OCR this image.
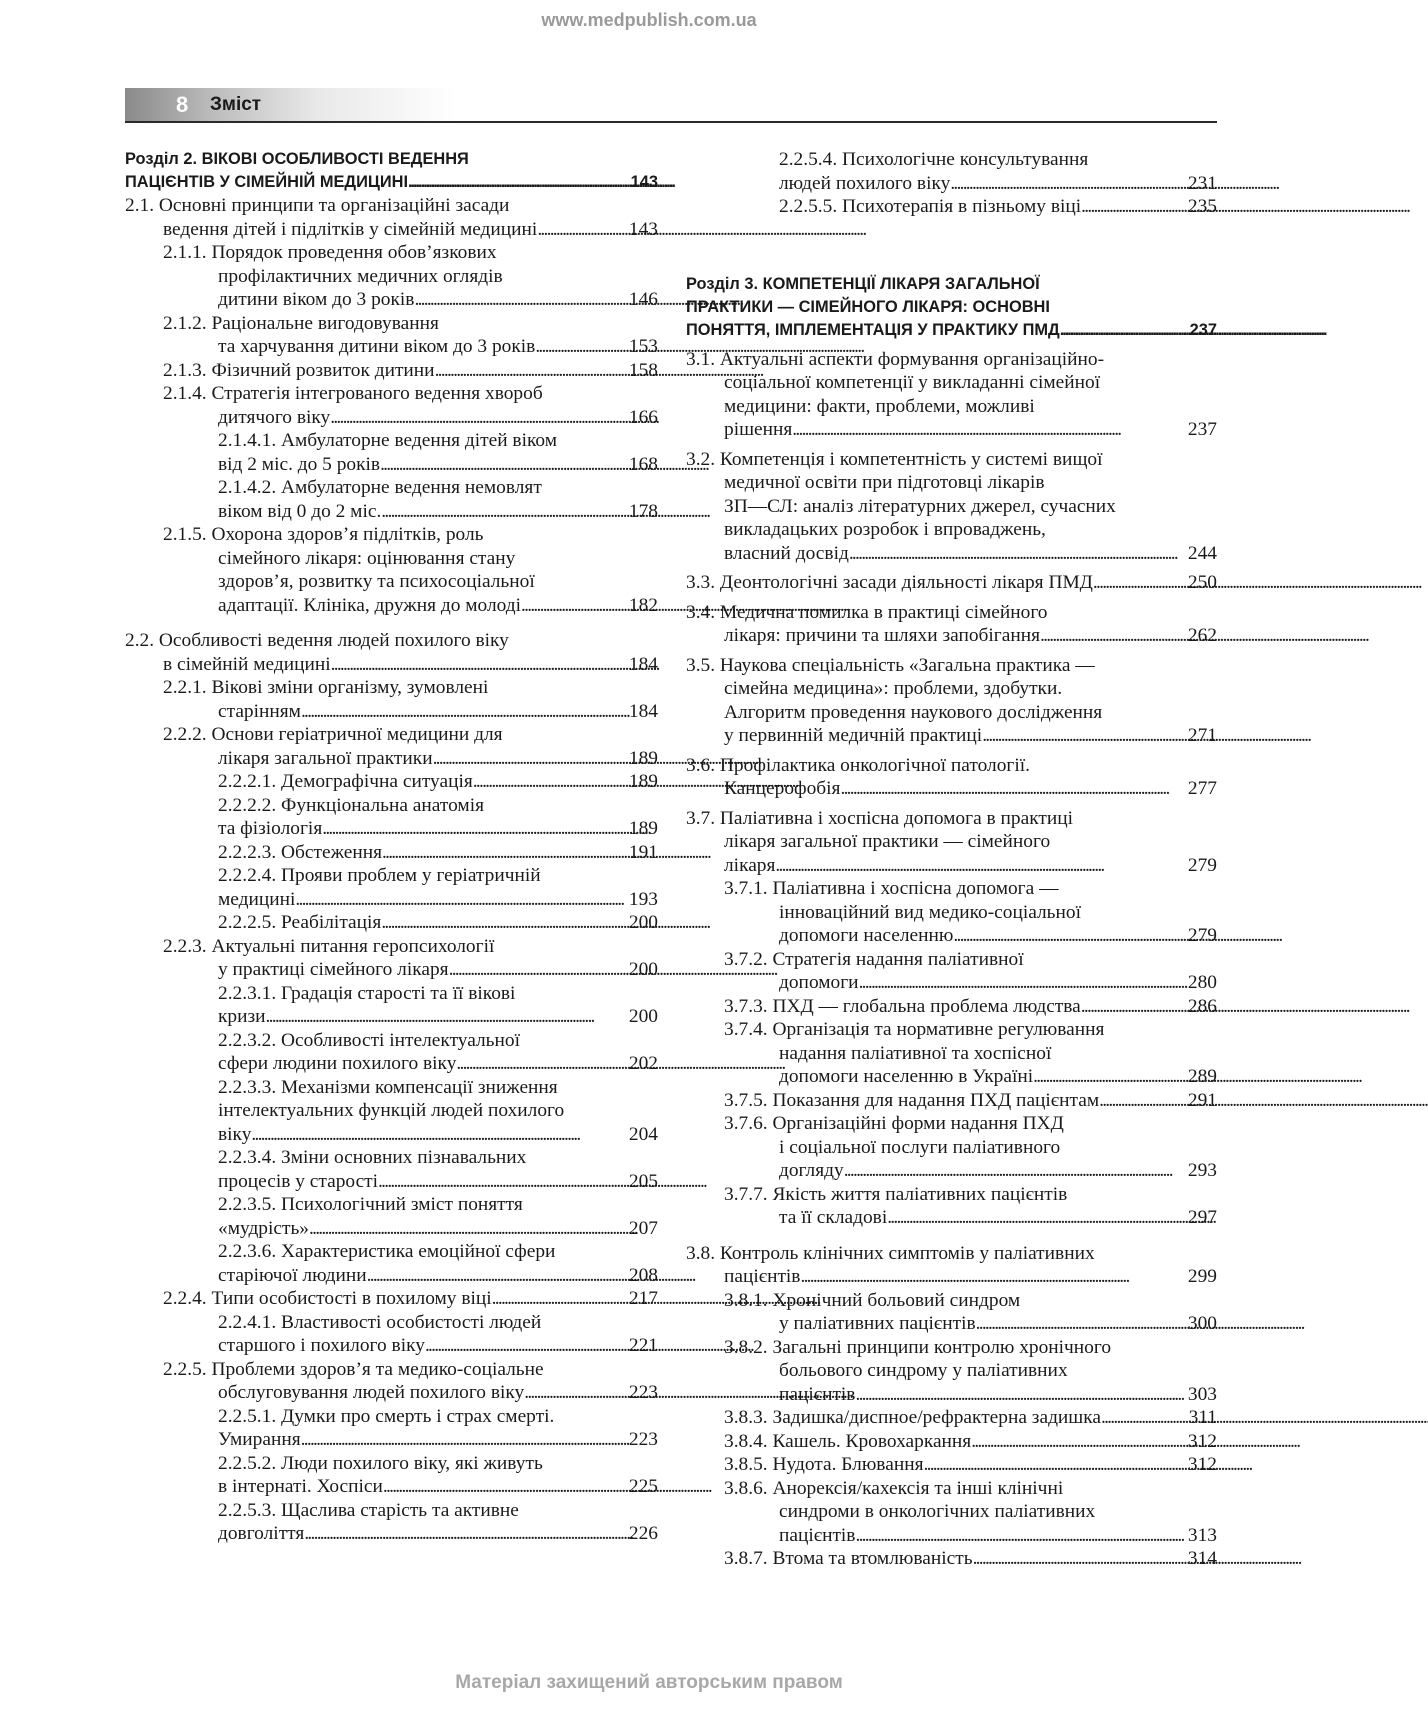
www.medpublish.com.ua
8	Зміст
Розділ 2. ВІКОВІ ОСОБЛИВОСТІ ВЕДЕННЯ
ПАЦІЄНТІВ У СІМЕЙНІЙ МЕДИЦИНІ . . .	143
2.1. Основні принципи та організаційні засади
ведення дітей і підлітків у сімейній медицині . . .	143
2.1.1. Порядок проведення обов’язкових
профілактичних медичних оглядів
дитини віком до 3 років . . .	146
2.1.2. Раціональне вигодовування
та харчування дитини віком до 3 років . . .	153
2.1.3. Фізичний розвиток дитини . . .	158
2.1.4. Стратегія інтегрованого ведення хвороб
дитячого віку . . .	166
2.1.4.1. Амбулаторне ведення дітей віком
від 2 міс. до 5 років . . .	168
2.1.4.2. Амбулаторне ведення немовлят
віком від 0 до 2 міс. . . .	178
2.1.5. Охорона здоров’я підлітків, роль
сімейного лікаря: оцінювання стану
здоров’я, розвитку та психосоціальної
адаптації. Клініка, дружня до молоді . . .	182
2.2. Особливості ведення людей похилого віку
в сімейній медицині . . .	184
2.2.1. Вікові зміни організму, зумовлені
старінням . . .	184
2.2.2. Основи геріатричної медицини для
лікаря загальної практики . . .	189
2.2.2.1. Демографічна ситуація . . .	189
2.2.2.2. Функціональна анатомія
та фізіологія . . .	189
2.2.2.3. Обстеження . . .	191
2.2.2.4. Прояви проблем у геріатричній
медицині . . .	193
2.2.2.5. Реабілітація . . .	200
2.2.3. Актуальні питання геропсихології
у практиці сімейного лікаря . . .	200
2.2.3.1. Градація старості та її вікові
кризи . . .	200
2.2.3.2. Особливості інтелектуальної
сфери людини похилого віку . . .	202
2.2.3.3. Механізми компенсації зниження
інтелектуальних функцій людей похилого
віку . . .	204
2.2.3.4. Зміни основних пізнавальних
процесів у старості . . .	205
2.2.3.5. Психологічний зміст поняття
«мудрість» . . .	207
2.2.3.6. Характеристика емоційної сфери
старіючої людини . . .	208
2.2.4. Типи особистості в похилому віці . . .	217
2.2.4.1. Властивості особистості людей
старшого і похилого віку . . .	221
2.2.5. Проблеми здоров’я та медико-соціальне
обслуговування людей похилого віку . . .	223
2.2.5.1. Думки про смерть і страх смерті.
Умирання . . .	223
2.2.5.2. Люди похилого віку, які живуть
в інтернаті. Хоспіси . . .	225
2.2.5.3. Щаслива старість та активне
довголіття . . .	226
2.2.5.4. Психологічне консультування
людей похилого віку . . .	231
2.2.5.5. Психотерапія в пізньому віці . . .	235
Розділ 3. КОМПЕТЕНЦІЇ ЛІКАРЯ ЗАГАЛЬНОЇ
ПРАКТИКИ — СІМЕЙНОГО ЛІКАРЯ: ОСНОВНІ
ПОНЯТТЯ, ІМПЛЕМЕНТАЦІЯ У ПРАКТИКУ ПМД . . .	237
3.1. Актуальні аспекти формування організаційно-
соціальної компетенції у викладанні сімейної
медицини: факти, проблеми, можливі
рішення . . .	237
3.2. Компетенція і компетентність у системі вищої
медичної освіти при підготовці лікарів
ЗП—СЛ: аналіз літературних джерел, сучасних
викладацьких розробок і впроваджень,
власний досвід . . .	244
3.3. Деонтологічні засади діяльності лікаря ПМД . . .	250
3.4. Медична помилка в практиці сімейного
лікаря: причини та шляхи запобігання . . .	262
3.5. Наукова спеціальність «Загальна практика —
сімейна медицина»: проблеми, здобутки.
Алгоритм проведення наукового дослідження
у первинній медичній практиці . . .	271
3.6. Профілактика онкологічної патології.
Канцерофобія . . .	277
3.7. Паліативна і хоспісна допомога в практиці
лікаря загальної практики — сімейного
лікаря . . .	279
3.7.1. Паліативна і хоспісна допомога —
інноваційний вид медико-соціальної
допомоги населенню . . .	279
3.7.2. Стратегія надання паліативної
допомоги . . .	280
3.7.3. ПХД — глобальна проблема людства . . .	286
3.7.4. Організація та нормативне регулювання
надання паліативної та хоспісної
допомоги населенню в Україні . . .	289
3.7.5. Показання для надання ПХД пацієнтам . . .	291
3.7.6. Організаційні форми надання ПХД
і соціальної послуги паліативного
догляду . . .	293
3.7.7. Якість життя паліативних пацієнтів
та її складові . . .	297
3.8. Контроль клінічних симптомів у паліативних
пацієнтів . . .	299
3.8.1. Хронічний больовий синдром
у паліативних пацієнтів . . .	300
3.8.2. Загальні принципи контролю хронічного
больового синдрому у паліативних
пацієнтів . . .	303
3.8.3. Задишка/диспное/рефрактерна задишка . . .	311
3.8.4. Кашель. Кровохаркання . . .	312
3.8.5. Нудота. Блювання . . .	312
3.8.6. Анорексія/кахексія та інші клінічні
синдроми в онкологічних паліативних
пацієнтів . . .	313
3.8.7. Втома та втомлюваність . . .	314
Матеріал захищений авторським правом
